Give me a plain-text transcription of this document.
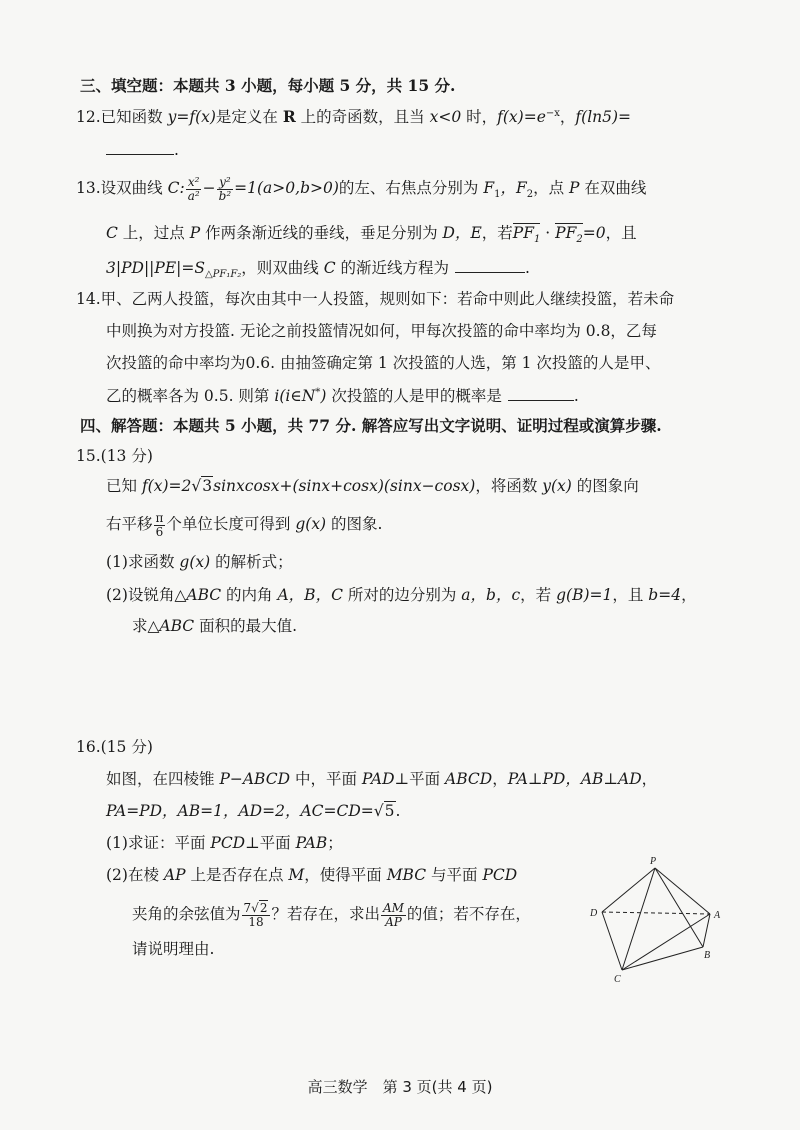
三、填空题：本题共 3 小题，每小题 5 分，共 15 分.
12.已知函数 y=f(x)是定义在 R 上的奇函数，且当 x<0 时，$f(x)=e^{-x}$，f(ln5)=
.
13.设双曲线 C: $\frac{\text{x²}}{\text{a²}} - \frac{\text{y²}}{\text{b²}} =1(a>0,b>0)$的左、右焦点分别为 $F_1$，$F_2$，点 P 在双曲线
C 上，过点 P 作两条渐近线的垂线，垂足分别为 D，E，若$PF_1 \cdot PF_2=0$，且
$3|PD||PE|=S_{\triangle PF_1F_2}$，则双曲线 C 的渐近线方程为	.
14.甲、乙两人投篮，每次由其中一人投篮，规则如下：若命中则此人继续投篮，若未命
中则换为对方投篮. 无论之前投篮情况如何，甲每次投篮的命中率均为 0.8，乙每
次投篮的命中率均为0.6. 由抽签确定第 1 次投篮的人选，第 1 次投篮的人是甲、
乙的概率各为 0.5. 则第 i(i∈N*) 次投篮的人是甲的概率是	.
四、解答题：本题共 5 小题，共 77 分. 解答应写出文字说明、证明过程或演算步骤.
15.(13 分)
已知 f(x)=2√3sinxcosx+(sinx+cosx)(sinx−cosx)，将函数 y(x) 的图象向
右平移 $\frac{\pi}{6}$ 个单位长度可得到 g(x) 的图象.
(1)求函数 g(x) 的解析式；
(2)设锐角△ABC 的内角 A，B，C 所对的边分别为 a，b，c，若 g(B)=1，且 b=4，
求△ABC 面积的最大值.
16.(15 分)
如图，在四棱锥 P−ABCD 中，平面 PAD⊥平面 ABCD，PA⊥PD，AB⊥AD，
PA=PD，AB=1，AD=2，AC=CD=√5.
(1)求证：平面 PCD⊥平面 PAB；
(2)在棱 AP 上是否存在点 M，使得平面 MBC 与平面 PCD
夹角的余弦值为 $\frac{7√2}{18}$ ？若存在，求出 $\frac{AM}{AP}$ 的值；若不存在，
请说明理由.
P
D	A
B
C
高三数学　第 3 页(共 4 页)
